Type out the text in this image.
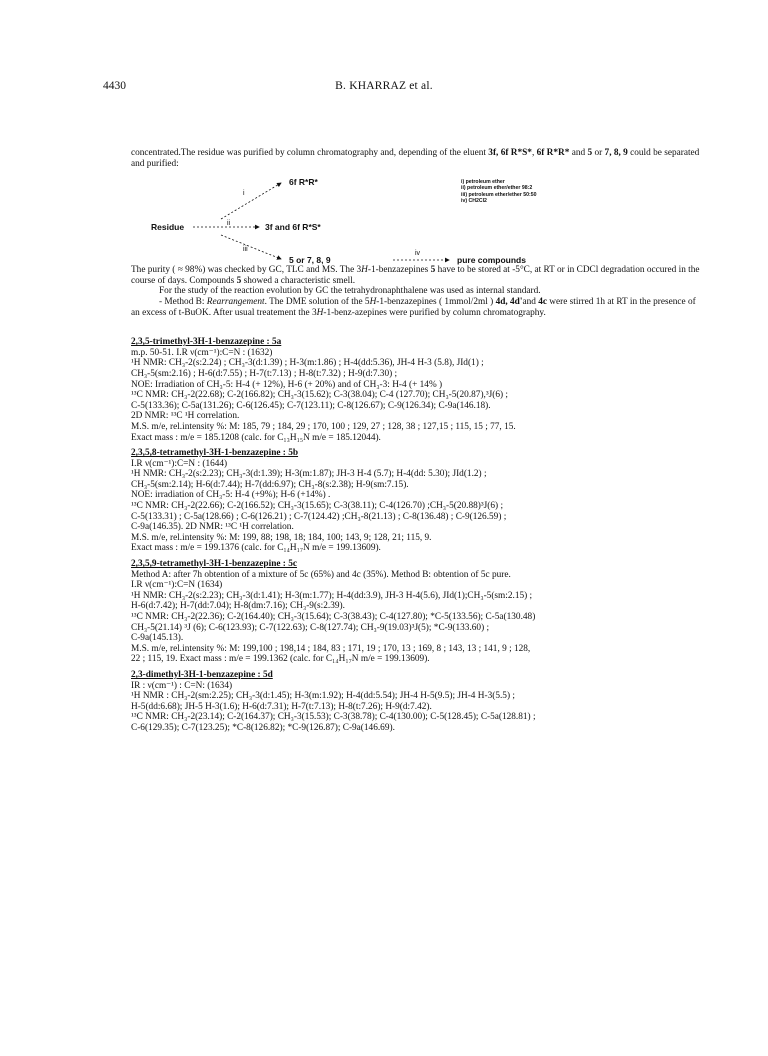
4430	B. KHARRAZ et al.

concentrated.The residue was purified by column chromatography and, depending of the eluent 3f, 6f R*S*, 6f R*R* and 5 or 7, 8, 9 could be separated and purified:

Residue
i
ii
iii
iv
6f R*R*
3f and 6f R*S*
5 or 7, 8, 9	pure compounds
i) petroleum ether
ii) petroleum ether/ether 98:2
iii) petroleum ether/ether 50:50
iv) CH2Cl2

The purity ( ≈ 98%) was checked by GC, TLC and MS. The 3H-1-benzazepines 5 have to be stored at -5°C, at RT or in CDCl degradation occured in the course of days. Compounds 5 showed a characteristic smell.

For the study of the reaction evolution by GC the tetrahydronaphthalene was used as internal standard.

- Method B: Rearrangement. The DME solution of the 5H-1-benzazepines ( 1mmol/2ml ) 4d, 4d'and 4c were stirred 1h at RT in the presence of an excess of t-BuOK. After usual treatement the 3H-1-benz-azepines were purified by column chromatography.

2,3,5-trimethyl-3H-1-benzazepine : 5a
m.p. 50-51. I.R ν(cm⁻¹):C=N : (1632)
¹H NMR: CH₃-2(s:2.24) ; CH₃-3(d:1.39) ; H-3(m:1.86) ; H-4(dd:5.36), JH-4 H-3 (5.8), JId(1) ;
CH₃-5(sm:2.16) ; H-6(d:7.55) ; H-7(t:7.13) ; H-8(t:7.32) ; H-9(d:7.30) ;
NOE: Irradiation of CH₃-5: H-4 (+ 12%), H-6 (+ 20%) and of CH₃-3: H-4 (+ 14% )
¹³C NMR: CH₃-2(22.68); C-2(166.82); CH₃-3(15.62); C-3(38.04); C-4 (127.70); CH₃-5(20.87),³J(6) ;
C-5(133.36); C-5a(131.26); C-6(126.45); C-7(123.11); C-8(126.67); C-9(126.34); C-9a(146.18).
2D NMR: ¹³C ¹H correlation.
M.S. m/e, rel.intensity %: M: 185, 79 ; 184, 29 ; 170, 100 ; 129, 27 ; 128, 38 ; 127,15 ; 115, 15 ; 77, 15.
Exact mass : m/e = 185.1208 (calc. for C₁₃H₁₅N m/e = 185.12044).
2,3,5,8-tetramethyl-3H-1-benzazepine : 5b
I.R ν(cm⁻¹):C=N : (1644)
¹H NMR: CH₃-2(s:2.23); CH₃-3(d:1.39); H-3(m:1.87); JH-3 H-4 (5.7); H-4(dd: 5.30); JId(1.2) ;
CH₃-5(sm:2.14); H-6(d:7.44); H-7(dd:6.97); CH₃-8(s:2.38); H-9(sm:7.15).
NOE: irradiation of CH₃-5: H-4 (+9%); H-6 (+14%) .
¹³C NMR: CH₃-2(22.66); C-2(166.52); CH₃-3(15.65); C-3(38.11); C-4(126.70) ;CH₃-5(20.88)³J(6) ;
C-5(133.31) ; C-5a(128.66) ; C-6(126.21) ; C-7(124.42) ;CH₃-8(21.13) ; C-8(136.48) ; C-9(126.59) ;
C-9a(146.35). 2D NMR: ¹³C ¹H correlation.
M.S. m/e, rel.intensity %: M: 199, 88; 198, 18; 184, 100; 143, 9; 128, 21; 115, 9.
Exact mass : m/e = 199.1376 (calc. for C₁₄H₁₇N m/e = 199.13609).
2,3,5,9-tetramethyl-3H-1-benzazepine : 5c
Method A: after 7h obtention of a mixture of 5c (65%) and 4c (35%). Method B: obtention of 5c pure.
I.R ν(cm⁻¹):C=N (1634)
¹H NMR: CH₃-2(s:2.23); CH₃-3(d:1.41); H-3(m:1.77); H-4(dd:3.9), JH-3 H-4(5.6), JId(1);CH₃-5(sm:2.15) ;
H-6(d:7.42); H-7(dd:7.04); H-8(dm:7.16); CH₃-9(s:2.39).
¹³C NMR: CH₃-2(22.36); C-2(164.40); CH₃-3(15.64); C-3(38.43); C-4(127.80); *C-5(133.56); C-5a(130.48)
CH₃-5(21.14) ³J (6); C-6(123.93); C-7(122.63); C-8(127.74); CH₃-9(19.03)³J(5); *C-9(133.60) ;
C-9a(145.13).
M.S. m/e, rel.intensity %: M: 199,100 ; 198,14 ; 184, 83 ; 171, 19 ; 170, 13 ; 169, 8 ; 143, 13 ; 141, 9 ; 128,
22 ; 115, 19. Exact mass : m/e = 199.1362 (calc. for C₁₄H₁₇N m/e = 199.13609).
2,3-dimethyl-3H-1-benzazepine : 5d
IR : ν(cm⁻¹) : C=N: (1634)
¹H NMR : CH₃-2(sm:2.25); CH₃-3(d:1.45); H-3(m:1.92); H-4(dd:5.54); JH-4 H-5(9.5); JH-4 H-3(5.5) ;
H-5(dd:6.68); JH-5 H-3(1.6); H-6(d:7.31); H-7(t:7.13); H-8(t:7.26); H-9(d:7.42).
¹³C NMR: CH₃-2(23.14); C-2(164.37); CH₃-3(15.53); C-3(38.78); C-4(130.00); C-5(128.45); C-5a(128.81) ;
C-6(129.35); C-7(123.25); *C-8(126.82); *C-9(126.87); C-9a(146.69).
